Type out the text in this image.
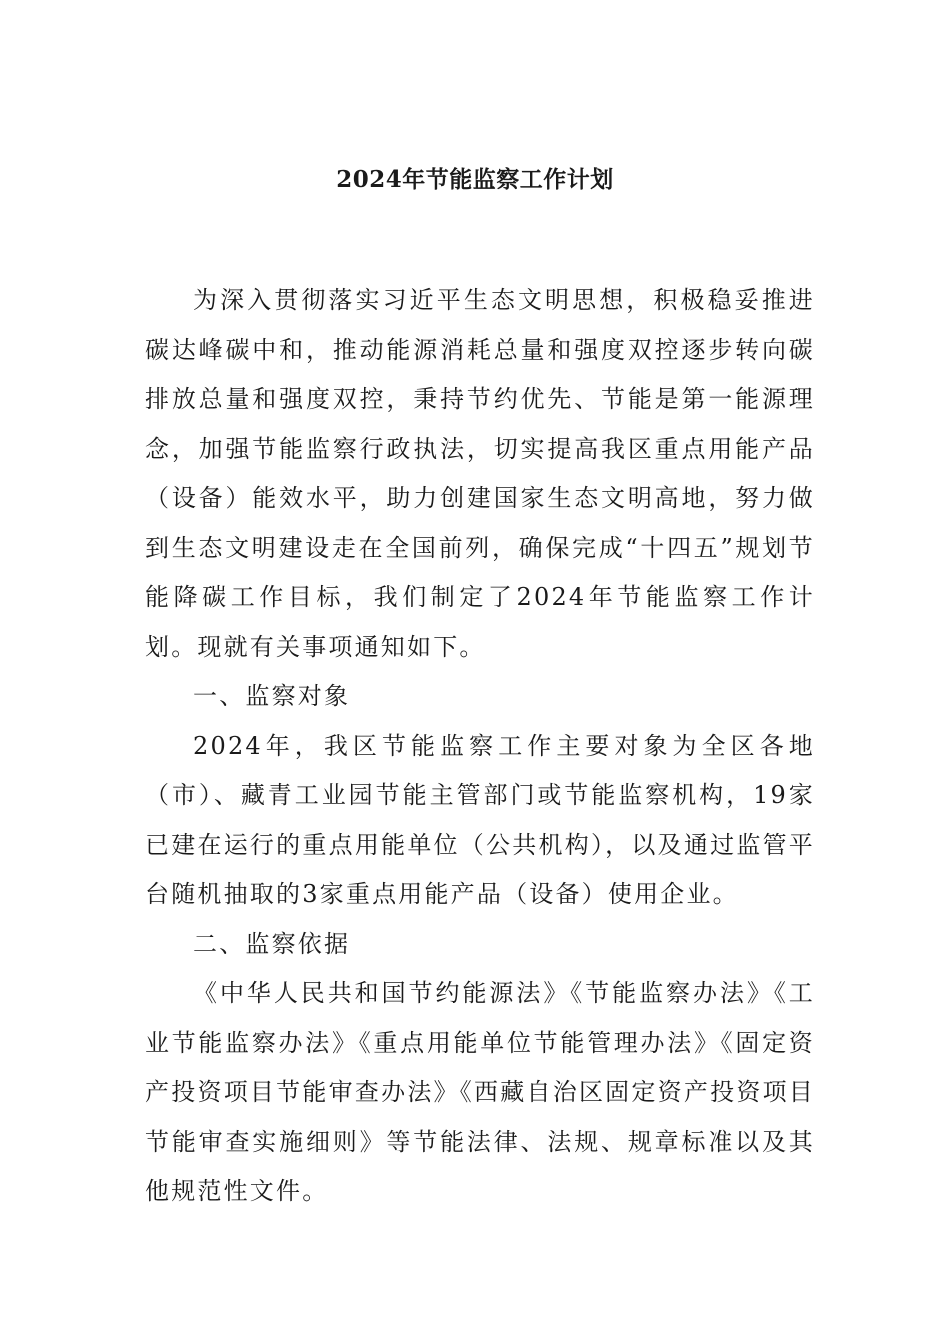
2024年节能监察工作计划

为深入贯彻落实习近平生态文明思想，积极稳妥推进碳达峰碳中和，推动能源消耗总量和强度双控逐步转向碳排放总量和强度双控，秉持节约优先、节能是第一能源理念，加强节能监察行政执法，切实提高我区重点用能产品（设备）能效水平，助力创建国家生态文明高地，努力做到生态文明建设走在全国前列，确保完成“十四五”规划节能降碳工作目标，我们制定了2024年节能监察工作计划。现就有关事项通知如下。

一、监察对象

2024年，我区节能监察工作主要对象为全区各地（市）、藏青工业园节能主管部门或节能监察机构，19家已建在运行的重点用能单位（公共机构），以及通过监管平台随机抽取的3家重点用能产品（设备）使用企业。

二、监察依据

《中华人民共和国节约能源法》《节能监察办法》《工业节能监察办法》《重点用能单位节能管理办法》《固定资产投资项目节能审查办法》《西藏自治区固定资产投资项目节能审查实施细则》等节能法律、法规、规章标准以及其他规范性文件。
